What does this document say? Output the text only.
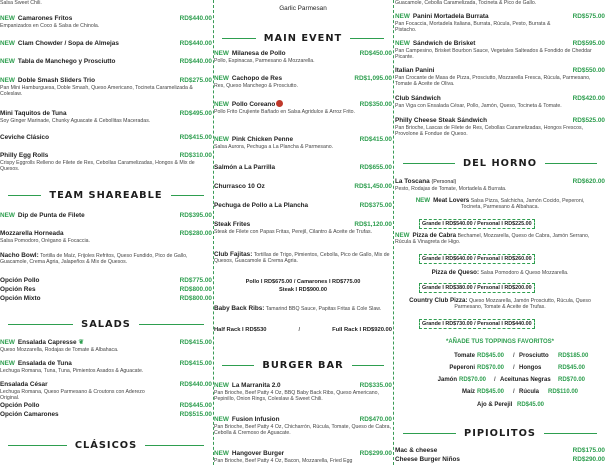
Salsa Sweet Chili.
NEW Camarones Fritos	RD$440.00
Empanizados en Coco & Salsa de Chinola.
NEW Clam Chowder / Sopa de Almejas	RD$440.00
NEW Tabla de Manchego y Prosciutto	RD$440.00
NEW Doble Smash Sliders Trio	RD$275.00
Pan Mini Hamburguesa, Doble Smash, Queso Americano, Tocineta Caramelizada & Coleslaw.
Mini Taquitos de Tuna	RD$495.00
Soy Ginger Marinade, Chunky Aguacate & Cebollitas Maceradas.
Ceviche Clásico	RD$415.00
Philly Egg Rolls	RD$310.00
Crispy Eggrolls Relleno de Filete de Res, Cebollas Caramelizadas, Hongos & Mix de Quesos.
TEAM SHAREABLE
NEW Dip de Punta de Filete	RD$395.00
Mozzarella Horneada	RD$280.00
Salsa Pomodoro, Orégano & Focaccia.
Nacho Bowl: Tortilla de Maíz, Frijoles Refritos, Queso Fundido, Pico de Gallo, Guacamole, Crema Agria, Jalapeños & Mix de Quesos.
Opción Pollo	RD$775.00
Opción Res	RD$800.00
Opción Mixto	RD$800.00
SALADS
NEW Ensalada Capresse ❦	RD$415.00
Queso Mozzarella, Rodajas de Tomate & Albahaca.
NEW Ensalada de Tuna	RD$415.00
Lechuga Romana, Tuna, Tuna, Pimientos Asados & Aguacate.
Ensalada César	RD$440.00
Lechuga Romana, Queso Parmesano & Croutons con Aderezo Original.
Opción Pollo	RD$445.00
Opción Camarones	RD$515.00
CLÁSICOS
Garlic Parmesan
MAIN EVENT
NEW Milanesa de Pollo	RD$450.00
Pollo, Espinacas, Parmesano & Mozzarella.
NEW Cachopo de Res	RD$1,095.00
Res, Queso Manchego & Prosciutto.
NEW Pollo Coreano	RD$350.00
Pollo Frito Crujiente Bañado en Salsa Agridulce & Arroz Frito.
NEW Pink Chicken Penne	RD$415.00
Salsa Aurora, Pechuga a La Plancha & Parmesano.
Salmón a La Parrilla	RD$655.00
Churrasco 10 Oz	RD$1,450.00
Pechuga de Pollo a La Plancha	RD$375.00
Steak Frites	RD$1,120.00
Steak de Filete con Papas Fritas, Perejil, Cilantro & Aceite de Trufas.
Club Fajitas: Tortillas de Trigo, Pimientos, Cebolla, Pico de Gallo, Mix de Quesos, Guacamole & Crema Agria.
Pollo I RD$675.00 / Camarones I RD$775.00
Steak I RD$900.00
Baby Back Ribs: Tamarind BBQ Sauce, Papitas Fritas & Cole Slaw.
Half Rack I RD$530	/	Full Rack I RD$920.00
BURGER BAR
NEW La Marranita 2.0	RD$335.00
Pan Brioche, Beef Patty 4 Oz, BBQ Baby Back Ribs, Queso Americano, Pepinillo, Onion Rings, Coleslaw & Sweet Chili.
NEW Fusion Infusion	RD$470.00
Pan Brioche, Beef Patty 4 Oz, Chicharrón, Rúcula, Tomate, Queso de Cabra, Cebolla & Cremoso de Aguacate.
NEW Hangover Burger	RD$299.00
Pan Brioche, Beef Patty 4 Oz, Bacon, Mozzarella, Fried Egg
Guacamole, Cebolla Caramelizada, Tocineta & Pico de Gallo.
NEW Panini Mortadela Burrata	RD$575.00
Pan Focaccia, Mortadela Italiana, Burrata, Rúcula, Pesto, Burrata & Pistacho.
NEW Sándwich de Brisket	RD$595.00
Pan Campesino, Brisket Bourbon Sauce, Vegetales Salteados & Fondido de Cheddar Picante.
Italian Panini	RD$550.00
Pan Crocante de Masa de Pizza, Prosciutto, Mozzarella Fresca, Rúcula, Parmesano, Tomate & Aceite de Oliva.
Club Sándwich	RD$420.00
Pan Viga con Ensalada César, Pollo, Jamón, Queso, Tocineta & Tomate.
Philly Cheese Steak Sándwich	RD$525.00
Pan Brioche, Lascas de Filete de Res, Cebollas Caramelizadas, Hongos Frescos, Provolone & Fondue de Queso.
DEL HORNO
La Toscana (Personal)	RD$620.00
Pesto, Rodajas de Tomate, Mortadela & Burrata.
NEW Meat Lovers Salsa Pizza, Salchicha, Jamón Cocido, Peperoni, Tocineta, Parmesano & Albahaca.
Grande I RD$540.00 / Personal I RD$225.00
NEW Pizza de Cabra Bechamel, Mozzarella, Queso de Cabra, Jamón Serrano, Rúcula & Vinagreta de Higo.
Grande I RD$640.00 / Personal I RD$260.00
Pizza de Queso: Salsa Pomodoro & Queso Mozzarella.
Grande I RD$380.00 / Personal I RD$200.00
Country Club Pizza: Queso Mozzarella, Jamón Prosciutto, Rúcula, Queso Parmesano, Tomate & Aceite de Trufas.
Grande I RD$730.00 / Personal I RD$440.00
*AÑADE TUS TOPPINGS FAVORITOS*
Tomate RD$45.00 / Prosciutto RD$185.00
Peperoni RD$70.00 / Hongos	RD$45.00
Jamón RD$70.00 / Aceitunas Negras RD$70.00
Maíz RD$45.00 / Rúcula RD$110.00
Ajo & Perejil RD$45.00
PIPIOLITOS
Mac & cheese	RD$175.00
Cheese Burger Niños	RD$290.00
